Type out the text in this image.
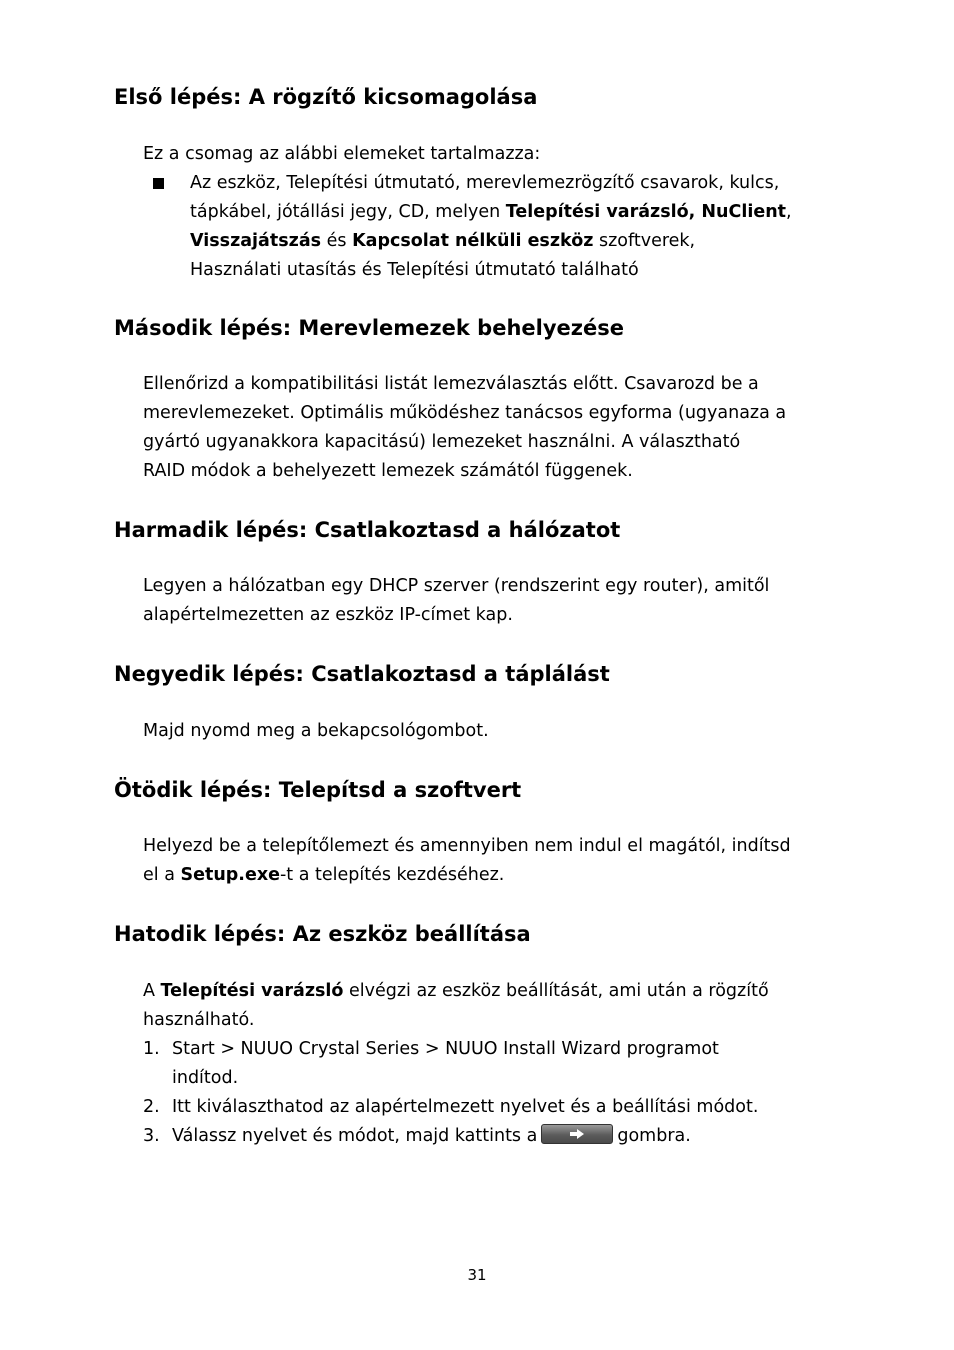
Első lépés: A rögzítő kicsomagolása

Ez a csomag az alábbi elemeket tartalmazza:

Az eszköz, Telepítési útmutató, merevlemezrögzítő csavarok, kulcs,
tápkábel, jótállási jegy, CD, melyen Telepítési varázsló, NuClient,
Visszajátszás és Kapcsolat nélküli eszköz szoftverek,
Használati utasítás és Telepítési útmutató található
Második lépés: Merevlemezek behelyezése
Ellenőrizd a kompatibilitási listát lemezválasztás előtt. Csavarozd be a
merevlemezeket. Optimális működéshez tanácsos egyforma (ugyanaza a
gyártó ugyanakkora kapacitású) lemezeket használni. A választható
RAID módok a behelyezett lemezek számától függenek.
Harmadik lépés: Csatlakoztasd a hálózatot
Legyen a hálózatban egy DHCP szerver (rendszerint egy router), amitől
alapértelmezetten az eszköz IP-címet kap.
Negyedik lépés: Csatlakoztasd a táplálást
Majd nyomd meg a bekapcsológombot.
Ötödik lépés: Telepítsd a szoftvert
Helyezd be a telepítőlemezt és amennyiben nem indul el magától, indítsd
el a Setup.exe-t a telepítés kezdéséhez.
Hatodik lépés: Az eszköz beállítása
A Telepítési varázsló elvégzi az eszköz beállítását, ami után a rögzítő
használható.
1. Start > NUUO Crystal Series > NUUO Install Wizard programot
indítod.
2. Itt kiválaszthatod az alapértelmezett nyelvet és a beállítási módot.
3. Válassz nyelvet és módot, majd kattints a	gombra.
31
